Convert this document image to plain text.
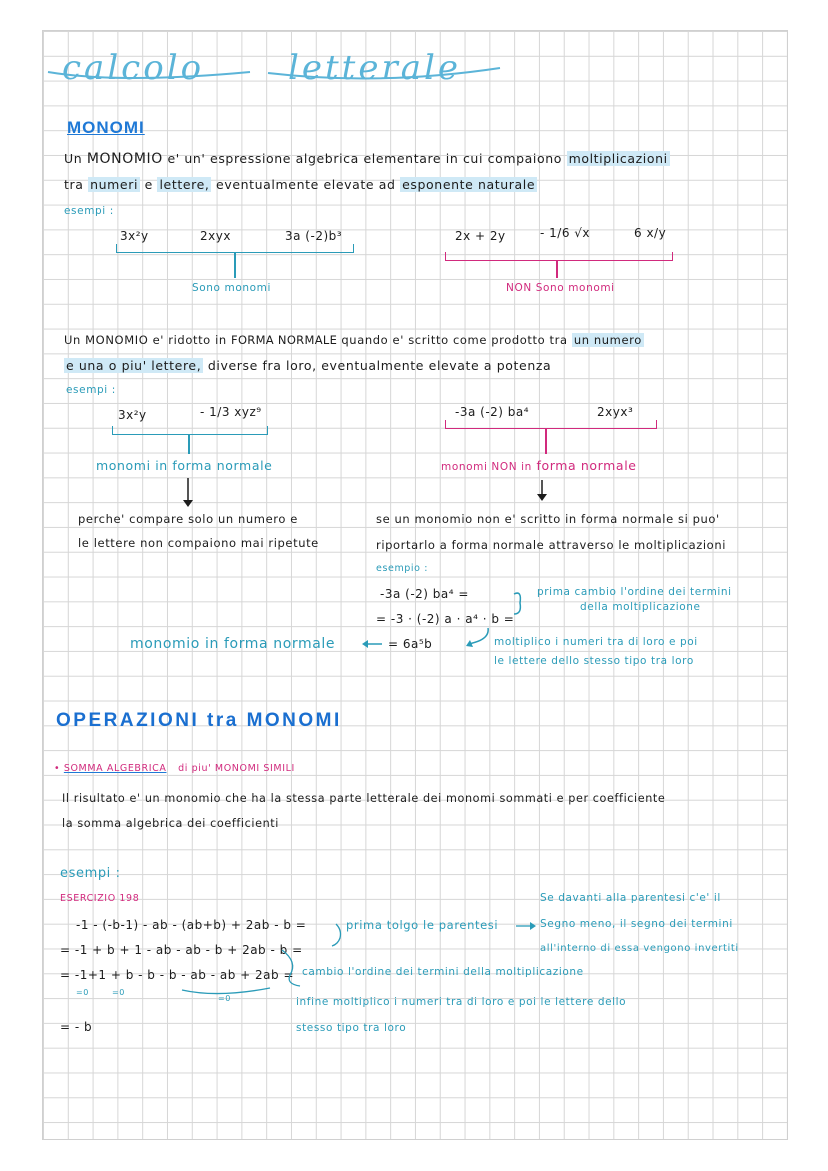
calcolo letterale
MONOMI
Un MONOMIO e' un' espressione algebrica elementare in cui compaiono moltiplicazioni
tra numeri e lettere, eventualmente elevate ad esponente naturale
esempi :
3x²y	2xyx	3a (-2)b³
Sono monomi
2x + 2y	- 1/6 √x	6 x/y
NON Sono monomi
Un MONOMIO e' ridotto in FORMA NORMALE quando e' scritto come prodotto tra un numero
e una o piu' lettere, diverse fra loro, eventualmente elevate a potenza
esempi :
3x²y	- 1/3 xyz⁹
monomi in forma normale
-3a (-2) ba⁴	2xyx³
monomi NON in forma normale
perche' compare solo un numero e
le lettere non compaiono mai ripetute
se un monomio non e' scritto in forma normale si puo'
riportarlo a forma normale attraverso le moltiplicazioni
esempio :
-3a (-2) ba⁴ =
= -3 · (-2) a · a⁴ · b =
= 6a⁵b
prima cambio l'ordine dei termini
della moltiplicazione
moltiplico i numeri tra di loro e poi
le lettere dello stesso tipo tra loro
monomio in forma normale
OPERAZIONI tra MONOMI
• SOMMA ALGEBRICA di piu' MONOMI SIMILI
Il risultato e' un monomio che ha la stessa parte letterale dei monomi sommati e per coefficiente
la somma algebrica dei coefficienti
esempi :
ESERCIZIO 198
-1 - (-b-1) - ab - (ab+b) + 2ab - b =
= -1 + b + 1 - ab - ab - b + 2ab - b =
= -1+1 + b - b - b - ab - ab + 2ab =
=0	=0
=0
= - b
prima tolgo le parentesi
Se davanti alla parentesi c'e' il
Segno meno, il segno dei termini
all'interno di essa vengono invertiti
cambio l'ordine dei termini della moltiplicazione
infine moltiplico i numeri tra di loro e poi le lettere dello
stesso tipo tra loro
